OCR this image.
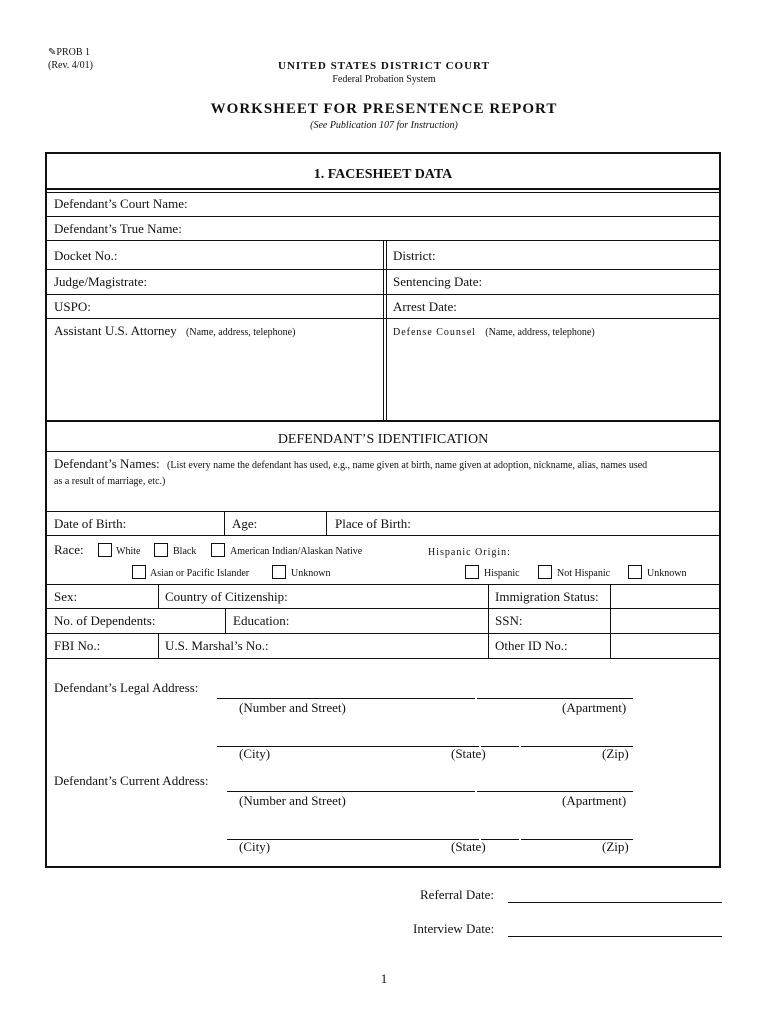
✎PROB 1
(Rev. 4/01)	UNITED STATES DISTRICT COURT
Federal Probation System
WORKSHEET FOR PRESENTENCE REPORT
(See Publication 107 for Instruction)
1. FACESHEET DATA
Defendant’s Court Name:
Defendant’s True Name:
Docket No.:	District:
Judge/Magistrate:	Sentencing Date:
USPO:	Arrest Date:
Assistant U.S. Attorney (Name, address, telephone)	Defense Counsel (Name, address, telephone)
DEFENDANT’S IDENTIFICATION
Defendant’s Names: (List every name the defendant has used, e.g., name given at birth, name given at adoption, nickname, alias, names used
as a result of marriage, etc.)
Date of Birth:	Age:	Place of Birth:
Race:	White	Black	American Indian/Alaskan Native	Hispanic Origin:
Asian or Pacific Islander	Unknown	Hispanic	Not Hispanic	Unknown
Sex:	Country of Citizenship:	Immigration Status:
No. of Dependents:	Education:	SSN:
FBI No.:	U.S. Marshal’s No.:	Other ID No.:
Defendant’s Legal Address:
(Number and Street)	(Apartment)
(City)	(State)	(Zip)
Defendant’s Current Address:
(Number and Street)	(Apartment)
(City)	(State)	(Zip)
Referral Date:
Interview Date:
1
